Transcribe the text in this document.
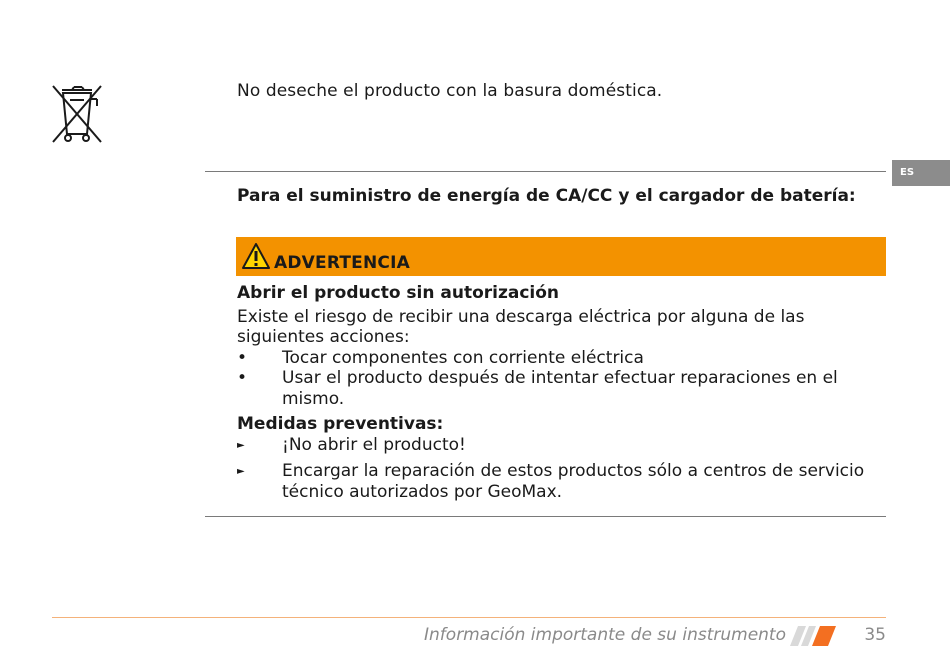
No deseche el producto con la basura doméstica.
ES
Para el suministro de energía de CA/CC y el cargador de batería:
ADVERTENCIA

Abrir el producto sin autorización

Existe el riesgo de recibir una descarga eléctrica por alguna de las siguientes acciones:

• Tocar componentes con corriente eléctrica
• Usar el producto después de intentar efectuar reparaciones en el mismo.

Medidas preventivas:

► ¡No abrir el producto!
► Encargar la reparación de estos productos sólo a centros de servicio técnico autorizados por GeoMax.
Información importante de su instrumento	35
